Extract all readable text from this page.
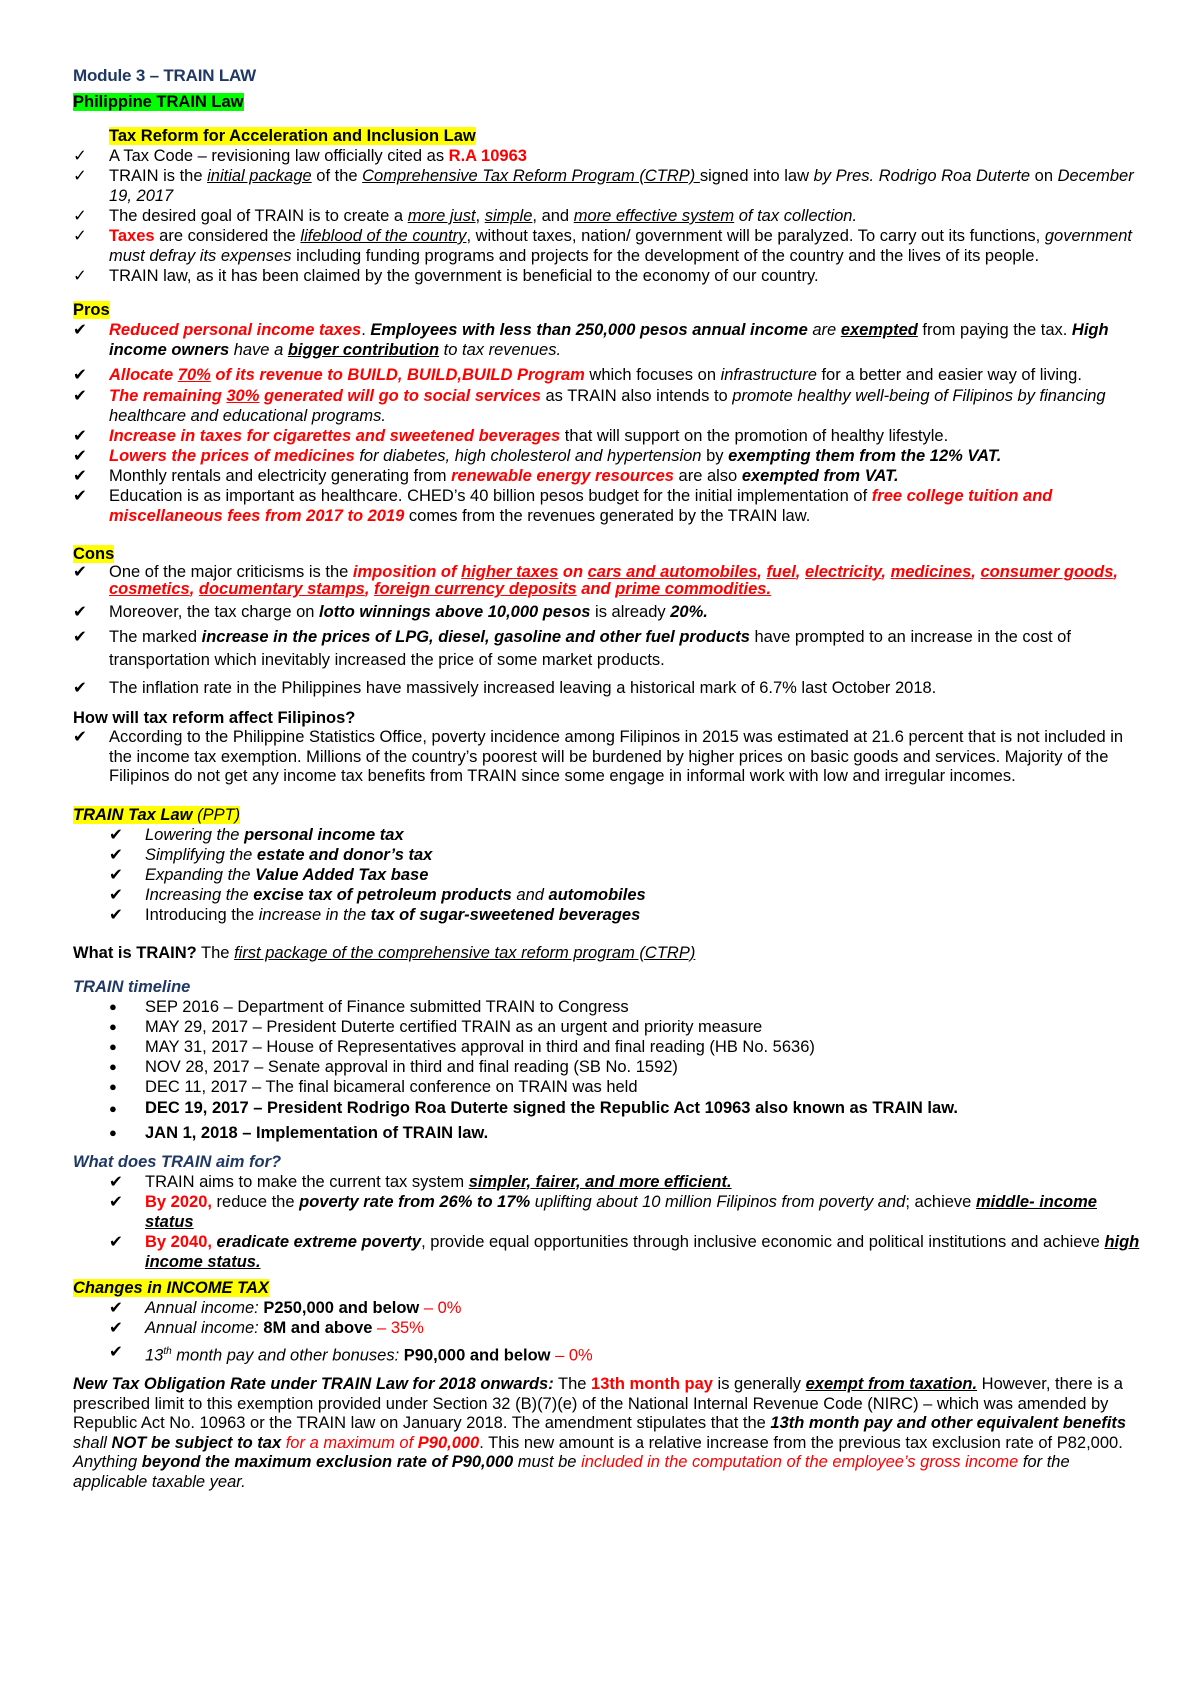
Module 3 – TRAIN LAW

Philippine TRAIN Law

Tax Reform for Acceleration and Inclusion Law

✓	A Tax Code – revisioning law officially cited as R.A 10963
✓	TRAIN is the initial package of the Comprehensive Tax Reform Program (CTRP) signed into law by Pres. Rodrigo Roa Duterte on December 19, 2017
✓	The desired goal of TRAIN is to create a more just, simple, and more effective system of tax collection.
✓	Taxes are considered the lifeblood of the country, without taxes, nation/ government will be paralyzed. To carry out its functions, government must defray its expenses including funding programs and projects for the development of the country and the lives of its people.
✓	TRAIN law, as it has been claimed by the government is beneficial to the economy of our country.

Pros

✔	Reduced personal income taxes. Employees with less than 250,000 pesos annual income are exempted from paying the tax. High income owners have a bigger contribution to tax revenues.
✔	Allocate 70% of its revenue to BUILD, BUILD,BUILD Program which focuses on infrastructure for a better and easier way of living.
✔	The remaining 30% generated will go to social services as TRAIN also intends to promote healthy well-being of Filipinos by financing healthcare and educational programs.
✔	Increase in taxes for cigarettes and sweetened beverages that will support on the promotion of healthy lifestyle.
✔	Lowers the prices of medicines for diabetes, high cholesterol and hypertension by exempting them from the 12% VAT.
✔	Monthly rentals and electricity generating from renewable energy resources are also exempted from VAT.
✔	Education is as important as healthcare. CHED’s 40 billion pesos budget for the initial implementation of free college tuition and miscellaneous fees from 2017 to 2019 comes from the revenues generated by the TRAIN law.

Cons

✔	One of the major criticisms is the imposition of higher taxes on cars and automobiles, fuel, electricity, medicines, consumer goods, cosmetics, documentary stamps, foreign currency deposits and prime commodities.
✔	Moreover, the tax charge on lotto winnings above 10,000 pesos is already 20%.
✔	The marked increase in the prices of LPG, diesel, gasoline and other fuel products have prompted to an increase in the cost of transportation which inevitably increased the price of some market products.
✔	The inflation rate in the Philippines have massively increased leaving a historical mark of 6.7% last October 2018.

How will tax reform affect Filipinos?

✔	According to the Philippine Statistics Office, poverty incidence among Filipinos in 2015 was estimated at 21.6 percent that is not included in the income tax exemption. Millions of the country’s poorest will be burdened by higher prices on basic goods and services. Majority of the Filipinos do not get any income tax benefits from TRAIN since some engage in informal work with low and irregular incomes.

TRAIN Tax Law (PPT)

✔	Lowering the personal income tax
✔	Simplifying the estate and donor’s tax
✔	Expanding the Value Added Tax base
✔	Increasing the excise tax of petroleum products and automobiles
✔	Introducing the increase in the tax of sugar-sweetened beverages

What is TRAIN? The first package of the comprehensive tax reform program (CTRP)

TRAIN timeline

●	SEP 2016 – Department of Finance submitted TRAIN to Congress
●	MAY 29, 2017 – President Duterte certified TRAIN as an urgent and priority measure
●	MAY 31, 2017 – House of Representatives approval in third and final reading (HB No. 5636)
●	NOV 28, 2017 – Senate approval in third and final reading (SB No. 1592)
●	DEC 11, 2017 – The final bicameral conference on TRAIN was held
●	DEC 19, 2017 – President Rodrigo Roa Duterte signed the Republic Act 10963 also known as TRAIN law.
●	JAN 1, 2018 – Implementation of TRAIN law.

What does TRAIN aim for?

✔	TRAIN aims to make the current tax system simpler, fairer, and more efficient.
✔	By 2020, reduce the poverty rate from 26% to 17% uplifting about 10 million Filipinos from poverty and; achieve middle- income status
✔	By 2040, eradicate extreme poverty, provide equal opportunities through inclusive economic and political institutions and achieve high income status.

Changes in INCOME TAX

✔	Annual income: P250,000 and below – 0%
✔	Annual income: 8M and above – 35%
✔	13th month pay and other bonuses: P90,000 and below – 0%

New Tax Obligation Rate under TRAIN Law for 2018 onwards: The 13th month pay is generally exempt from taxation. However, there is a prescribed limit to this exemption provided under Section 32 (B)(7)(e) of the National Internal Revenue Code (NIRC) – which was amended by Republic Act No. 10963 or the TRAIN law on January 2018. The amendment stipulates that the 13th month pay and other equivalent benefits shall NOT be subject to tax for a maximum of P90,000. This new amount is a relative increase from the previous tax exclusion rate of P82,000. Anything beyond the maximum exclusion rate of P90,000 must be included in the computation of the employee’s gross income for the applicable taxable year.
